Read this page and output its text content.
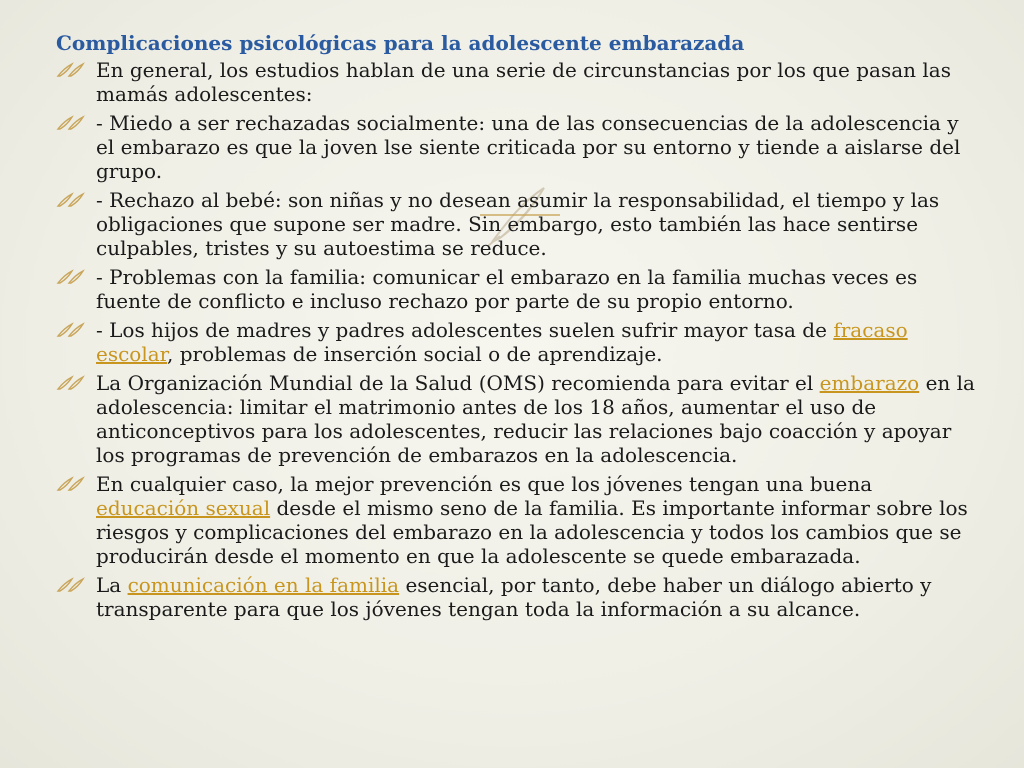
Complicaciones psicológicas para la adolescente embarazada
En general, los estudios hablan de una serie de circunstancias por los que pasan las mamás adolescentes:
- Miedo a ser rechazadas socialmente: una de las consecuencias de la adolescencia y el embarazo es que la joven lse siente criticada por su entorno y tiende a aislarse del grupo.
- Rechazo al bebé: son niñas y no desean asumir la responsabilidad, el tiempo y las obligaciones que supone ser madre. Sin embargo, esto también las hace sentirse culpables, tristes y su autoestima se reduce.
- Problemas con la familia: comunicar el embarazo en la familia muchas veces es fuente de conflicto e incluso rechazo por parte de su propio entorno.
- Los hijos de madres y padres adolescentes suelen sufrir mayor tasa de fracaso escolar, problemas de inserción social o de aprendizaje.
La Organización Mundial de la Salud (OMS) recomienda para evitar el embarazo en la adolescencia: limitar el matrimonio antes de los 18 años, aumentar el uso de anticonceptivos para los adolescentes, reducir las relaciones bajo coacción y apoyar los programas de prevención de embarazos en la adolescencia.
En cualquier caso, la mejor prevención es que los jóvenes tengan una buena educación sexual desde el mismo seno de la familia. Es importante informar sobre los riesgos y complicaciones del embarazo en la adolescencia y todos los cambios que se producirán desde el momento en que la adolescente se quede embarazada.
La comunicación en la familia esencial, por tanto, debe haber un diálogo abierto y transparente para que los jóvenes tengan toda la información a su alcance.
